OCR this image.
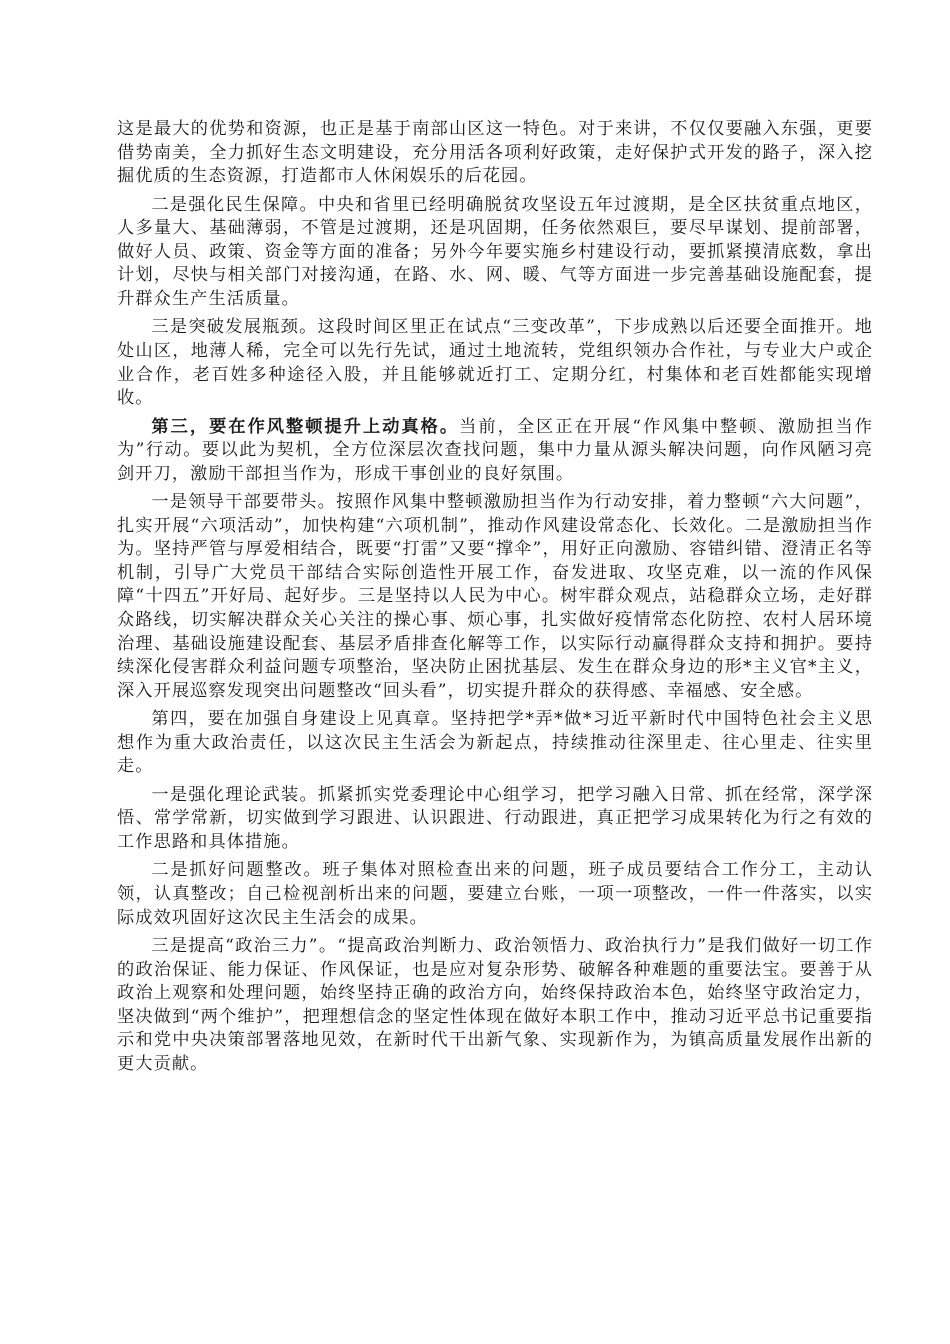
这是最大的优势和资源，也正是基于南部山区这一特色。对于来讲，不仅仅要融入东强，更要借势南美，全力抓好生态文明建设，充分用活各项利好政策，走好保护式开发的路子，深入挖掘优质的生态资源，打造都市人休闲娱乐的后花园。

二是强化民生保障。中央和省里已经明确脱贫攻坚设五年过渡期，是全区扶贫重点地区，人多量大、基础薄弱，不管是过渡期，还是巩固期，任务依然艰巨，要尽早谋划、提前部署，做好人员、政策、资金等方面的准备；另外今年要实施乡村建设行动，要抓紧摸清底数，拿出计划，尽快与相关部门对接沟通，在路、水、网、暖、气等方面进一步完善基础设施配套，提升群众生产生活质量。

三是突破发展瓶颈。这段时间区里正在试点“三变改革”，下步成熟以后还要全面推开。地处山区，地薄人稀，完全可以先行先试，通过土地流转，党组织领办合作社，与专业大户或企业合作，老百姓多种途径入股，并且能够就近打工、定期分红，村集体和老百姓都能实现增收。

第三，要在作风整顿提升上动真格。当前，全区正在开展“作风集中整顿、激励担当作为”行动。要以此为契机，全方位深层次查找问题，集中力量从源头解决问题，向作风陋习亮剑开刀，激励干部担当作为，形成干事创业的良好氛围。

一是领导干部要带头。按照作风集中整顿激励担当作为行动安排，着力整顿“六大问题”，扎实开展“六项活动”，加快构建“六项机制”，推动作风建设常态化、长效化。二是激励担当作为。坚持严管与厚爱相结合，既要“打雷”又要“撑伞”，用好正向激励、容错纠错、澄清正名等机制，引导广大党员干部结合实际创造性开展工作，奋发进取、攻坚克难，以一流的作风保障“十四五”开好局、起好步。三是坚持以人民为中心。树牢群众观点，站稳群众立场，走好群众路线，切实解决群众关心关注的操心事、烦心事，扎实做好疫情常态化防控、农村人居环境治理、基础设施建设配套、基层矛盾排查化解等工作，以实际行动赢得群众支持和拥护。要持续深化侵害群众利益问题专项整治，坚决防止困扰基层、发生在群众身边的形*主义官*主义，深入开展巡察发现突出问题整改“回头看”，切实提升群众的获得感、幸福感、安全感。

第四，要在加强自身建设上见真章。坚持把学*弄*做*习近平新时代中国特色社会主义思想作为重大政治责任，以这次民主生活会为新起点，持续推动往深里走、往心里走、往实里走。

一是强化理论武装。抓紧抓实党委理论中心组学习，把学习融入日常、抓在经常，深学深悟、常学常新，切实做到学习跟进、认识跟进、行动跟进，真正把学习成果转化为行之有效的工作思路和具体措施。

二是抓好问题整改。班子集体对照检查出来的问题，班子成员要结合工作分工，主动认领，认真整改；自己检视剖析出来的问题，要建立台账，一项一项整改，一件一件落实，以实际成效巩固好这次民主生活会的成果。

三是提高“政治三力”。“提高政治判断力、政治领悟力、政治执行力”是我们做好一切工作的政治保证、能力保证、作风保证，也是应对复杂形势、破解各种难题的重要法宝。要善于从政治上观察和处理问题，始终坚持正确的政治方向，始终保持政治本色，始终坚守政治定力，坚决做到“两个维护”，把理想信念的坚定性体现在做好本职工作中，推动习近平总书记重要指示和党中央决策部署落地见效，在新时代干出新气象、实现新作为，为镇高质量发展作出新的更大贡献。
